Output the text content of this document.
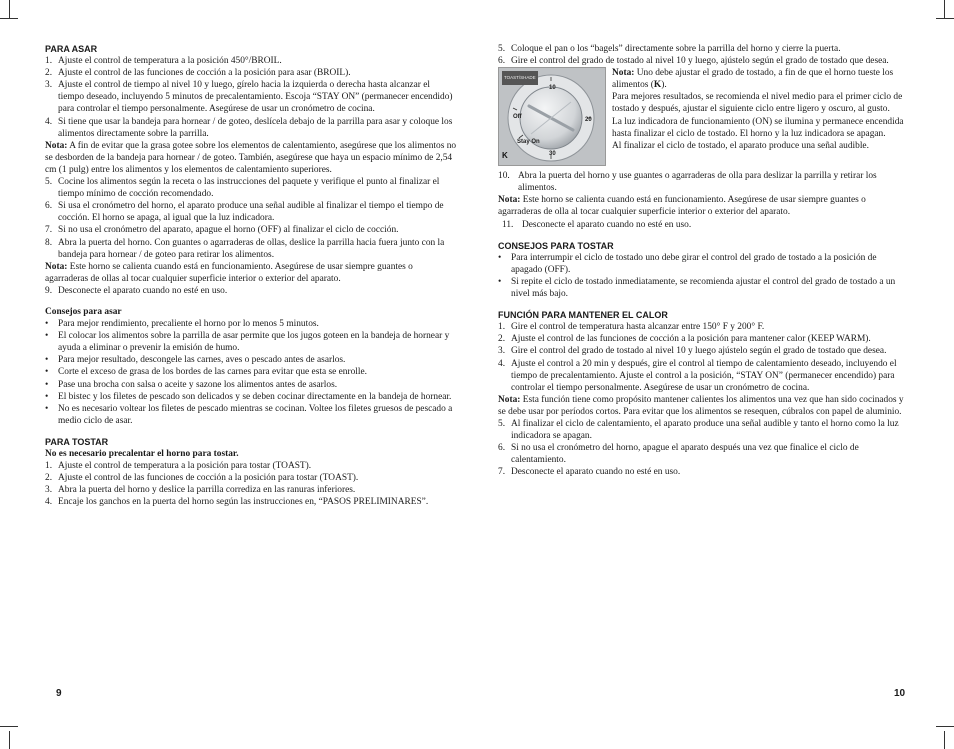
PARA ASAR
1. Ajuste el control de temperatura a la posición 450°/BROIL.
2. Ajuste el control de las funciones de cocción a la posición para asar (BROIL).
3. Ajuste el control de tiempo al nivel 10 y luego, gírelo hacia la izquierda o derecha hasta alcanzar el tiempo deseado, incluyendo 5 minutos de precalentamiento. Escoja “STAY ON” (permanecer encendido) para controlar el tiempo personalmente. Asegúrese de usar un cronómetro de cocina.
4. Si tiene que usar la bandeja para hornear / de goteo, deslícela debajo de la parrilla para asar y coloque los alimentos directamente sobre la parrilla.
Nota: A fin de evitar que la grasa gotee sobre los elementos de calentamiento, asegúrese que los alimentos no se desborden de la bandeja para hornear / de goteo. También, asegúrese que haya un espacio mínimo de 2,54 cm (1 pulg) entre los alimentos y los elementos de calentamiento superiores.
5. Cocine los alimentos según la receta o las instrucciones del paquete y verifique el punto al finalizar el tiempo mínimo de cocción recomendado.
6. Si usa el cronómetro del horno, el aparato produce una señal audible al finalizar el tiempo el tiempo de cocción. El horno se apaga, al igual que la luz indicadora.
7. Si no usa el cronómetro del aparato, apague el horno (OFF) al finalizar el ciclo de cocción.
8. Abra la puerta del horno. Con guantes o agarraderas de ollas, deslice la parrilla hacia fuera junto con la bandeja para hornear / de goteo para retirar los alimentos.
Nota: Este horno se calienta cuando está en funcionamiento. Asegúrese de usar siempre guantes o agarraderas de ollas al tocar cualquier superficie interior o exterior del aparato.
9. Desconecte el aparato cuando no esté en uso.
Consejos para asar
• Para mejor rendimiento, precaliente el horno por lo menos 5 minutos.
• El colocar los alimentos sobre la parrilla de asar permite que los jugos goteen en la bandeja de hornear y ayuda a eliminar o prevenir la emisión de humo.
• Para mejor resultado, descongele las carnes, aves o pescado antes de asarlos.
• Corte el exceso de grasa de los bordes de las carnes para evitar que esta se enrolle.
• Pase una brocha con salsa o aceite y sazone los alimentos antes de asarlos.
• El bistec y los filetes de pescado son delicados y se deben cocinar directamente en la bandeja de hornear.
• No es necesario voltear los filetes de pescado mientras se cocinan. Voltee los filetes gruesos de pescado a medio ciclo de asar.
PARA TOSTAR
No es necesario precalentar el horno para tostar.
1. Ajuste el control de temperatura a la posición para tostar (TOAST).
2. Ajuste el control de las funciones de cocción a la posición para tostar (TOAST).
3. Abra la puerta del horno y deslice la parrilla corrediza en las ranuras inferiores.
4. Encaje los ganchos en la puerta del horno según las instrucciones en, “PASOS PRELIMINARES”.
9
5. Coloque el pan o los “bagels” directamente sobre la parrilla del horno y cierre la puerta.
6. Gire el control del grado de tostado al nivel 10 y luego, ajústelo según el grado de tostado que desea.
TOAST/SHADE
10
20
30
Off
Stay On
K
Nota: Uno debe ajustar el grado de tostado, a fin de que el horno tueste los alimentos (K).
Para mejores resultados, se recomienda el nivel medio para el primer ciclo de tostado y después, ajustar el siguiente ciclo entre ligero y oscuro, al gusto.
La luz indicadora de funcionamiento (ON) se ilumina y permanece encendida hasta finalizar el ciclo de tostado. El horno y la luz indicadora se apagan.
Al finalizar el ciclo de tostado, el aparato produce una señal audible.
10. Abra la puerta del horno y use guantes o agarraderas de olla para deslizar la parrilla y retirar los alimentos.
Nota: Este horno se calienta cuando está en funcionamiento. Asegúrese de usar siempre guantes o agarraderas de olla al tocar cualquier superficie interior o exterior del aparato.
11. Desconecte el aparato cuando no esté en uso.
CONSEJOS PARA TOSTAR
• Para interrumpir el ciclo de tostado uno debe girar el control del grado de tostado a la posición de apagado (OFF).
• Si repite el ciclo de tostado inmediatamente, se recomienda ajustar el control del grado de tostado a un nivel más bajo.
FUNCIÓN PARA MANTENER EL CALOR
1. Gire el control de temperatura hasta alcanzar entre 150° F y 200° F.
2. Ajuste el control de las funciones de cocción a la posición para mantener calor (KEEP WARM).
3. Gire el control del grado de tostado al nivel 10 y luego ajústelo según el grado de tostado que desea.
4. Ajuste el control a 20 min y después, gire el control al tiempo de calentamiento deseado, incluyendo el tiempo de precalentamiento. Ajuste el control a la posición, “STAY ON” (permanecer encendido) para controlar el tiempo personalmente. Asegúrese de usar un cronómetro de cocina.
Nota: Esta función tiene como propósito mantener calientes los alimentos una vez que han sido cocinados y se debe usar por períodos cortos. Para evitar que los alimentos se resequen, cúbralos con papel de aluminio.
5. Al finalizar el ciclo de calentamiento, el aparato produce una señal audible y tanto el horno como la luz indicadora se apagan.
6. Si no usa el cronómetro del horno, apague el aparato después una vez que finalice el ciclo de calentamiento.
7. Desconecte el aparato cuando no esté en uso.
10
